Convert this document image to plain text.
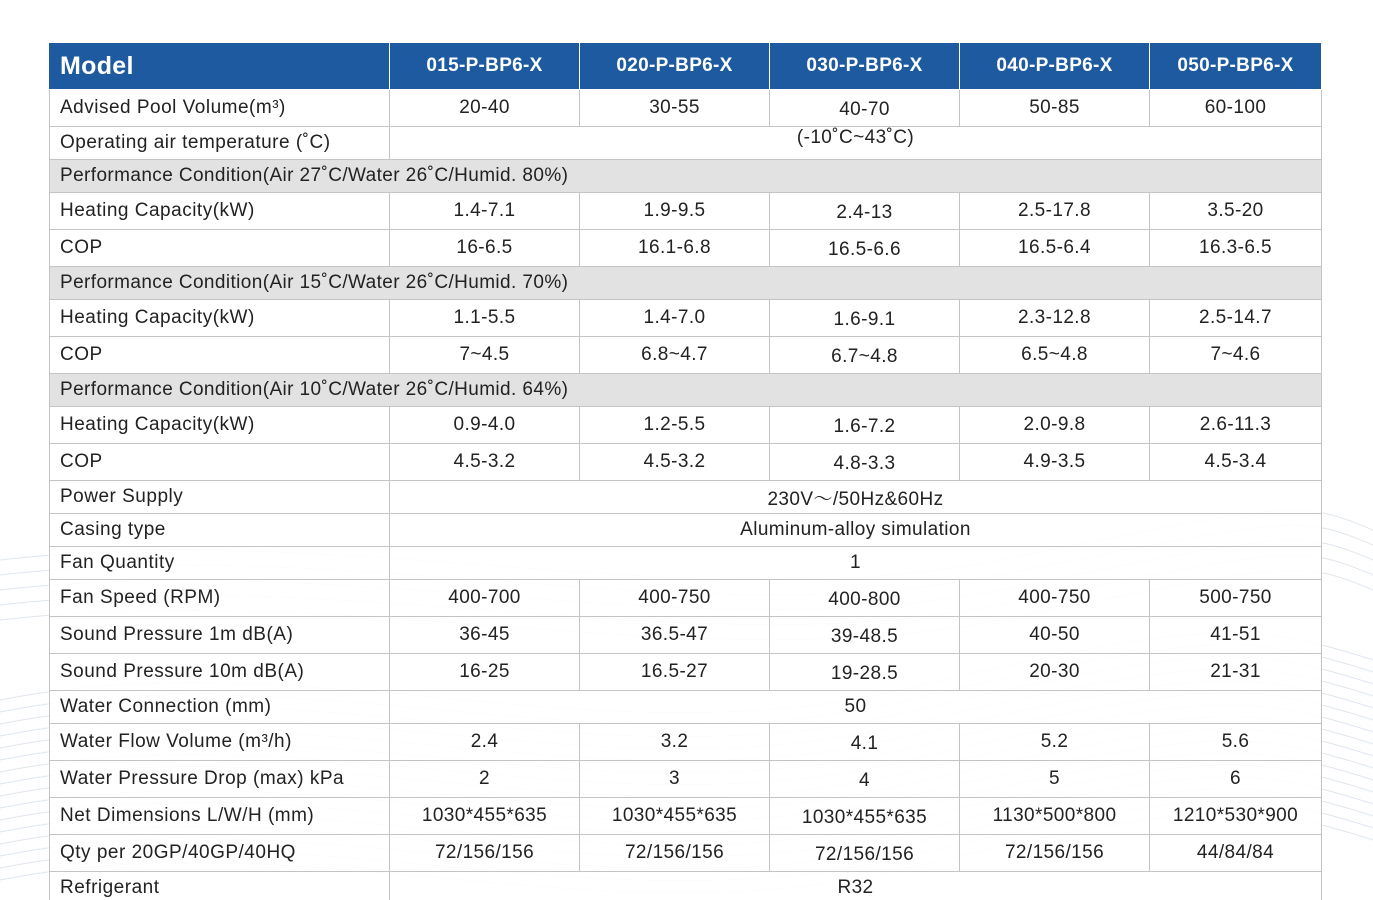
Model	015-P-BP6-X	020-P-BP6-X	030-P-BP6-X	040-P-BP6-X	050-P-BP6-X
Advised Pool Volume(m³)	20-40	30-55	40-70	50-85	60-100
Operating air temperature (˚C)	(-10˚C~43˚C)				
Performance Condition(Air 27˚C/Water 26˚C/Humid. 80%)					
Heating Capacity(kW)	1.4-7.1	1.9-9.5	2.4-13	2.5-17.8	3.5-20
COP	16-6.5	16.1-6.8	16.5-6.6	16.5-6.4	16.3-6.5
Performance Condition(Air 15˚C/Water 26˚C/Humid. 70%)					
Heating Capacity(kW)	1.1-5.5	1.4-7.0	1.6-9.1	2.3-12.8	2.5-14.7
COP	7~4.5	6.8~4.7	6.7~4.8	6.5~4.8	7~4.6
Performance Condition(Air 10˚C/Water 26˚C/Humid. 64%)					
Heating Capacity(kW)	0.9-4.0	1.2-5.5	1.6-7.2	2.0-9.8	2.6-11.3
COP	4.5-3.2	4.5-3.2	4.8-3.3	4.9-3.5	4.5-3.4
Power Supply	230V～/50Hz&60Hz				
Casing type	Aluminum-alloy simulation				
Fan Quantity	1				
Fan Speed (RPM)	400-700	400-750	400-800	400-750	500-750
Sound Pressure 1m dB(A)	36-45	36.5-47	39-48.5	40-50	41-51
Sound Pressure 10m dB(A)	16-25	16.5-27	19-28.5	20-30	21-31
Water Connection (mm)	50				
Water Flow Volume (m³/h)	2.4	3.2	4.1	5.2	5.6
Water Pressure Drop (max) kPa	2	3	4	5	6
Net Dimensions L/W/H (mm)	1030*455*635	1030*455*635	1030*455*635	1130*500*800	1210*530*900
Qty per 20GP/40GP/40HQ	72/156/156	72/156/156	72/156/156	72/156/156	44/84/84
Refrigerant	R32				
